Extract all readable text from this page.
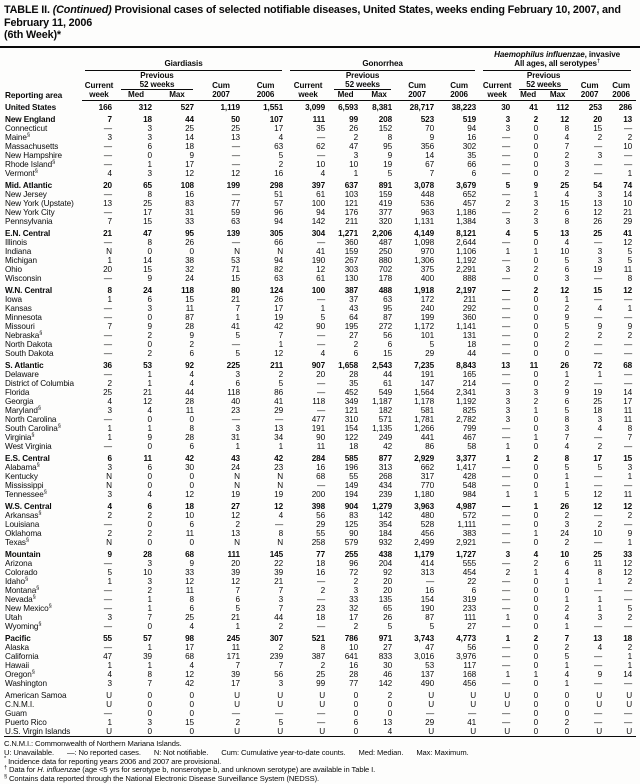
TABLE II. (Continued) Provisional cases of selected notifiable diseases, United States, weeks ending February 10, 2007, and February 11, 2006
(6th Week)*
Reporting area	Giardiasis					Gonorrhea					Haemophilus influenzae, invasive
All ages, all serotypes†

		Previous					Previous					Previous			
	Current	52 weeks		Cum	Cum	Current	52 weeks		Cum	Cum	Current	52 weeks		Cum	Cum
	week	Med	Max	2007	2006	week	Med	Max	2007	2006	week	Med	Max	2007	2006
United States	166	312	527	1,119	1,551	3,099	6,593	8,381	28,717	38,223	30	41	112	253	286
New England	7	18	44	50	107	111	99	208	523	519	3	2	12	20	13
Connecticut	—	3	25	25	17	35	26	152	70	94	3	0	8	15	—
Maine§	3	3	14	13	4	—	2	8	9	16	—	0	4	2	2
Massachusetts	—	6	18	—	63	62	47	95	356	302	—	0	7	—	10
New Hampshire	—	0	9	—	5	—	3	9	14	35	—	0	2	3	—
Rhode Island§	—	1	17	—	2	10	10	19	67	66	—	0	3	—	—
Vermont§	4	3	12	12	16	4	1	5	7	6	—	0	2	—	1
Mid. Atlantic	20	65	108	199	298	397	637	891	3,078	3,679	5	9	25	54	74
New Jersey	—	8	16	—	51	61	103	159	448	652	—	1	4	3	14
New York (Upstate)	13	25	83	77	57	100	121	419	536	457	2	3	15	13	10
New York City	—	17	31	59	96	94	176	377	963	1,186	—	2	6	12	21
Pennsylvania	7	15	33	63	94	142	211	320	1,131	1,384	3	3	8	26	29
E.N. Central	21	47	95	139	305	304	1,271	2,206	4,149	8,121	4	5	13	25	41
Illinois	—	8	26	—	66	—	360	487	1,098	2,644	—	0	4	—	12
Indiana	N	0	0	N	N	41	159	250	970	1,106	1	1	10	3	5
Michigan	1	14	38	53	94	190	267	880	1,306	1,192	—	0	5	3	5
Ohio	20	15	32	71	82	12	303	702	375	2,291	3	2	6	19	11
Wisconsin	—	9	24	15	63	61	130	178	400	888	—	0	3	—	8
W.N. Central	8	24	118	80	124	100	387	488	1,918	2,197	—	2	12	15	12
Iowa	1	6	15	21	26	—	37	63	172	211	—	0	1	—	—
Kansas	—	3	11	7	17	1	43	95	240	292	—	0	2	4	1
Minnesota	—	0	87	1	19	5	64	87	199	360	—	0	9	—	—
Missouri	7	9	28	41	42	90	195	272	1,172	1,141	—	0	5	9	9
Nebraska§	—	2	9	5	7	—	27	56	101	131	—	0	2	2	2
North Dakota	—	0	2	—	1	—	2	6	5	18	—	0	2	—	—
South Dakota	—	2	6	5	12	4	6	15	29	44	—	0	0	—	—
S. Atlantic	36	53	92	225	211	907	1,658	2,543	7,235	8,843	13	11	26	72	68
Delaware	—	1	4	3	2	20	28	44	191	165	—	0	1	1	—
District of Columbia	2	1	4	6	5	—	35	61	147	214	—	0	2	—	—
Florida	25	21	44	118	86	—	452	549	1,564	2,341	3	3	9	19	14
Georgia	4	12	28	40	41	118	349	1,187	1,178	1,192	3	2	6	25	17
Maryland§	3	4	11	23	29	—	121	182	581	825	3	1	5	18	11
North Carolina	—	0	0	—	—	477	310	571	1,781	2,782	3	0	8	3	11
South Carolina§	1	1	8	3	13	191	154	1,135	1,266	799	—	0	3	4	8
Virginia§	1	9	28	31	34	90	122	249	441	467	—	1	7	—	7
West Virginia	—	0	6	1	1	11	18	42	86	58	1	0	4	2	—
E.S. Central	6	11	42	43	42	284	585	877	2,929	3,377	1	2	8	17	15
Alabama§	3	6	30	24	23	16	196	313	662	1,417	—	0	5	5	3
Kentucky	N	0	0	N	N	68	55	268	317	428	—	0	1	—	1
Mississippi	N	0	0	N	N	—	149	434	770	548	—	0	1	—	—
Tennessee§	3	4	12	19	19	200	194	239	1,180	984	1	1	5	12	11
W.S. Central	4	6	18	27	12	398	904	1,279	3,963	4,987	—	1	26	12	12
Arkansas§	2	2	10	12	4	56	83	142	480	572	—	0	2	—	2
Louisiana	—	0	6	2	—	29	125	354	528	1,111	—	0	3	2	—
Oklahoma	2	2	11	13	8	55	90	184	456	383	—	1	24	10	9
Texas§	N	0	0	N	N	258	579	932	2,499	2,921	—	0	2	—	1
Mountain	9	28	68	111	145	77	255	438	1,179	1,727	3	4	10	25	33
Arizona	—	3	9	20	22	18	96	204	414	555	—	2	6	11	12
Colorado	5	10	33	39	39	16	72	92	313	454	2	1	4	8	12
Idaho§	1	3	12	12	21	—	2	20	—	22	—	0	1	1	2
Montana§	—	2	11	7	7	2	3	20	16	6	—	0	0	—	—
Nevada§	—	1	8	6	3	—	33	135	154	319	—	0	1	1	—
New Mexico§	—	1	6	5	7	23	32	65	190	233	—	0	2	1	5
Utah	3	7	25	21	44	18	17	26	87	111	1	0	4	3	2
Wyoming§	—	0	4	1	2	—	2	5	5	27	—	0	1	—	—
Pacific	55	57	98	245	307	521	786	971	3,743	4,773	1	2	7	13	18
Alaska	—	1	17	11	2	8	10	27	47	56	—	0	2	4	2
California	47	39	68	171	239	387	641	833	3,016	3,976	—	0	5	—	1
Hawaii	1	1	4	7	7	2	16	30	53	117	—	0	1	—	1
Oregon§	4	8	12	39	56	25	28	46	137	168	1	1	4	9	14
Washington	3	7	42	17	3	99	77	142	490	456	—	0	1	—	—
American Samoa	U	0	0	U	U	U	0	2	U	U	U	0	0	U	U
C.N.M.I.	U	0	0	U	U	U	0	0	U	U	U	0	0	U	U
Guam	—	0	0	—	—	—	0	0	—	—	—	0	0	—	—
Puerto Rico	1	3	15	2	5	—	6	13	29	41	—	0	2	—	—
U.S. Virgin Islands	U	0	0	U	U	U	0	4	U	U	U	0	0	U	U
C.N.M.I.: Commonwealth of Northern Mariana Islands.
U: Unavailable. —: No reported cases. N: Not notifiable. Cum: Cumulative year-to-date counts. Med: Median. Max: Maximum.
* Incidence data for reporting years 2006 and 2007 are provisional.
† Data for H. influenzae (age <5 yrs for serotype b, nonserotype b, and unknown serotype) are available in Table I.
§ Contains data reported through the National Electronic Disease Surveillance System (NEDSS).
